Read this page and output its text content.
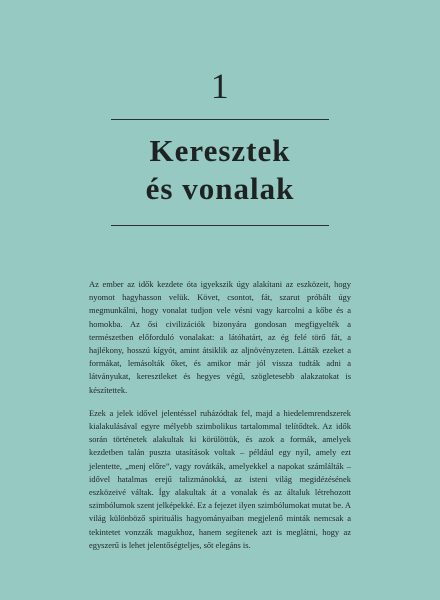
1
Keresztek
és vonalak

Az ember az idők kezdete óta igyekszik úgy alakítani az eszközeit, hogy nyomot hagyhasson velük. Követ, csontot, fát, szarut próbált úgy megmunkálni, hogy vonalat tudjon vele vésni vagy karcolni a kőbe és a homokba. Az ősi civilizációk bizonyára gondosan megfigyelték a természetben előforduló vonalakat: a látóhatárt, az ég felé törő fát, a hajlékony, hosszú kígyót, amint átsiklik az aljnövényzeten. Látták ezeket a formákat, lemásolták őket, és amikor már jól vissza tudták adni a látványukat, keresztleket és hegyes végű, szögletesebb alakzatokat is készítettek.

Ezek a jelek idővel jelentéssel ruházódtak fel, majd a hiedelemrendszerek kialakulásával egyre mélyebb szimbolikus tartalommal telítődtek. Az idők során történetek alakultak ki körülöttük, és azok a formák, amelyek kezdetben talán puszta utasítások voltak – például egy nyíl, amely ezt jelentette, „menj előre”, vagy rovátkák, amelyekkel a napokat számlálták – idővel hatalmas erejű talizmánokká, az isteni világ megidézésének eszközeivé váltak. Így alakultak át a vonalak és az általuk létrehozott szimbólumok szent jelképekké. Ez a fejezet ilyen szimbólumokat mutat be. A világ különböző spirituális hagyományaiban megjelenő minták nemcsak a tekintetet vonzzák magukhoz, hanem segítenek azt is meglátni, hogy az egyszerű is lehet jelentőségteljes, sőt elegáns is.
